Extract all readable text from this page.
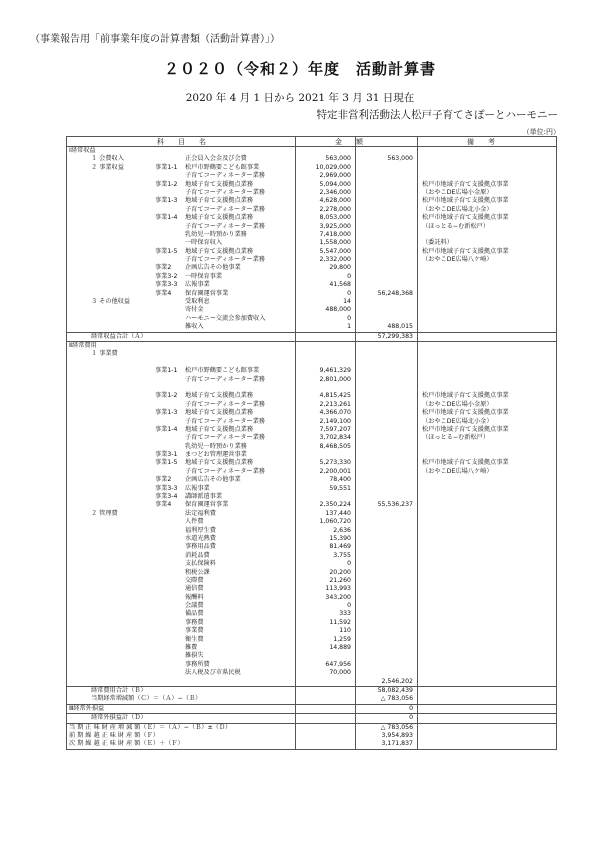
（事業報告用「前事業年度の計算書類（活動計算書）」）
２０２０（令和２）年度　活動計算書
2020 年 4 月 1 日から 2021 年 3 月 31 日現在
特定非営利活動法人松戸子育てさぽーとハーモニー
（単位:円）
科　　目　　名	金　　額	備　　考
Ⅰ経常収益
１ 会費収入	正会員入会金及び会費	563,000	563,000
２ 事業収益	事業1-1 松戸市野鶴要こども館事業	10,029,000
子育てコーディネーター業務	2,969,000
事業1-2 地域子育て支援拠点業務	5,094,000	松戸市地域子育て支援拠点事業
子育てコーディネーター業務	2,346,000	（おやこDE広場小金原）
事業1-3 地域子育て支援拠点業務	4,628,000	松戸市地域子育て支援拠点事業
子育てコーディネーター業務	2,278,000	（おやこDE広場北小金）
事業1-4 地域子育て支援拠点業務	8,053,000	松戸市地域子育て支援拠点事業
子育てコーディネーター業務	3,925,000	（ほっとる−む新松戸）
乳幼児一時預かり業務	7,418,000
一時保育収入	1,558,000	（委託料）
事業1-5 地域子育て支援拠点業務	5,547,000	松戸市地域子育て支援拠点事業
子育てコーディネーター業務	2,332,000	（おやこDE広場八ケ崎）
事業2 企画広告その他事業	29,800
事業3-2 一時保育事業	0
事業3-3 広報事業	41,568
事業4 保育園運営事業	0	56,248,368
３ その他収益	受取利息	14
寄付金	488,000
ハーモニー交流会参加費収入	0
雑収入	1	488,015
経常収益合計（Ａ）	57,299,383
Ⅱ経常費用
１ 事業費
事業1-1 松戸市野鶴要こども館事業	9,461,329
子育てコーディネーター業務	2,801,000
事業1-2 地域子育て支援拠点業務	4,815,425	松戸市地域子育て支援拠点事業
子育てコーディネーター業務	2,213,261	（おやこDE広場小金原）
事業1-3 地域子育て支援拠点業務	4,366,070	松戸市地域子育て支援拠点事業
子育てコーディネーター業務	2,149,100	（おやこDE広場北小金）
事業1-4 地域子育て支援拠点業務	7,597,207	松戸市地域子育て支援拠点事業
子育てコーディネーター業務	3,702,834	（ほっとる−む新松戸）
乳幼児一時預かり業務	8,468,505
事業3-1 まつどお管理運営事業
事業1-5 地域子育て支援拠点業務	5,273,330	松戸市地域子育て支援拠点事業
子育てコーディネーター業務	2,200,001	（おやこDE広場八ケ崎）
事業2 企画広告その他事業	78,400
事業3-3 広報事業	59,551
事業3-4 講師派遣事業
事業4 保育園運営事業	2,350,224	55,536,237
２ 管理費	法定福利費	137,440
人件費	1,060,720
福利厚生費	2,636
水道光熱費	15,390
事務用品費	81,469
消耗品費	3,755
支払保険料	0
租税公課	20,200
交際費	21,260
通信費	113,993
報酬料	343,200
会議費	0
備品費	333
事務費	11,592
事業費	110
衛生費	1,259
雑費	14,889
雑損失
事務所費	647,956
法人税及び市県民税	70,000
2,546,202
経常費用合計（Ｂ）	58,082,439
当期経常増減額（Ｃ）＝（Ａ）−（Ｂ）	△ 783,056
Ⅲ経常外損益	0
経常外損益計（Ｄ）	0
当 期 正 味 財 産 増 減 額（Ｅ）＝（Ａ）−（Ｂ）±（Ｄ）	△ 783,056
前 期 繰 越 正 味 財 産 額（Ｆ）	3,954,893
次 期 繰 越 正 味 財 産 額（Ｅ）＋（Ｆ）	3,171,837
